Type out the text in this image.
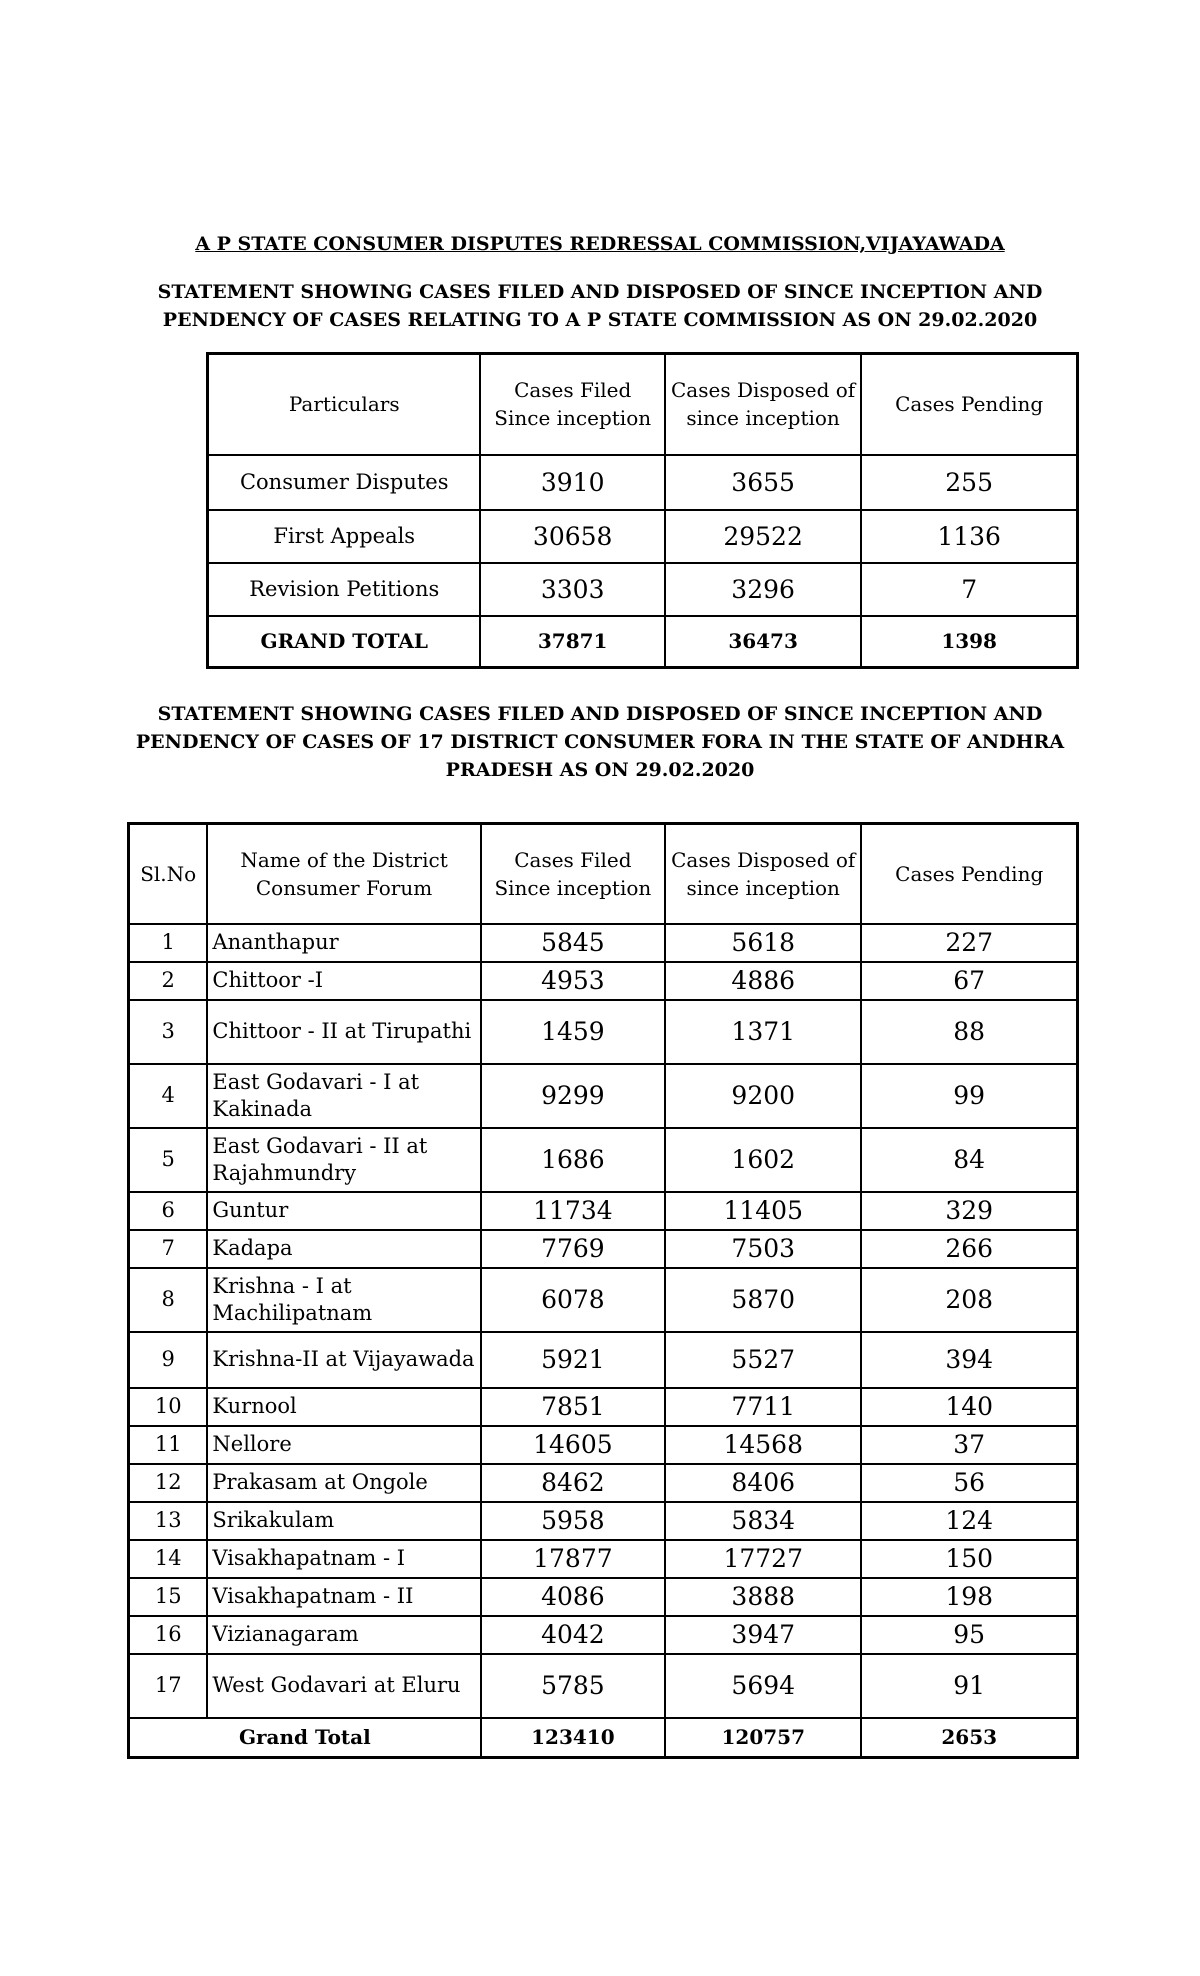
A P STATE CONSUMER DISPUTES REDRESSAL COMMISSION,VIJAYAWADA
STATEMENT SHOWING CASES FILED AND DISPOSED OF SINCE INCEPTION AND PENDENCY OF CASES RELATING TO A P STATE COMMISSION AS ON 29.02.2020
Particulars	Cases Filed Since inception	Cases Disposed of since inception	Cases Pending
Consumer Disputes	3910	3655	255
First Appeals	30658	29522	1136
Revision Petitions	3303	3296	7
GRAND TOTAL	37871	36473	1398
STATEMENT SHOWING CASES FILED AND DISPOSED OF SINCE INCEPTION AND PENDENCY OF CASES OF 17 DISTRICT CONSUMER FORA IN THE STATE OF ANDHRA PRADESH AS ON 29.02.2020
Sl.No	Name of the District Consumer Forum	Cases Filed Since inception	Cases Disposed of since inception	Cases Pending
1	Ananthapur	5845	5618	227
2	Chittoor -I	4953	4886	67
3	Chittoor - II at Tirupathi	1459	1371	88
4	East Godavari - I at Kakinada	9299	9200	99
5	East Godavari - II at Rajahmundry	1686	1602	84
6	Guntur	11734	11405	329
7	Kadapa	7769	7503	266
8	Krishna - I at Machilipatnam	6078	5870	208
9	Krishna-II at Vijayawada	5921	5527	394
10	Kurnool	7851	7711	140
11	Nellore	14605	14568	37
12	Prakasam at Ongole	8462	8406	56
13	Srikakulam	5958	5834	124
14	Visakhapatnam - I	17877	17727	150
15	Visakhapatnam - II	4086	3888	198
16	Vizianagaram	4042	3947	95
17	West Godavari at Eluru	5785	5694	91
Grand Total		123410	120757	2653
